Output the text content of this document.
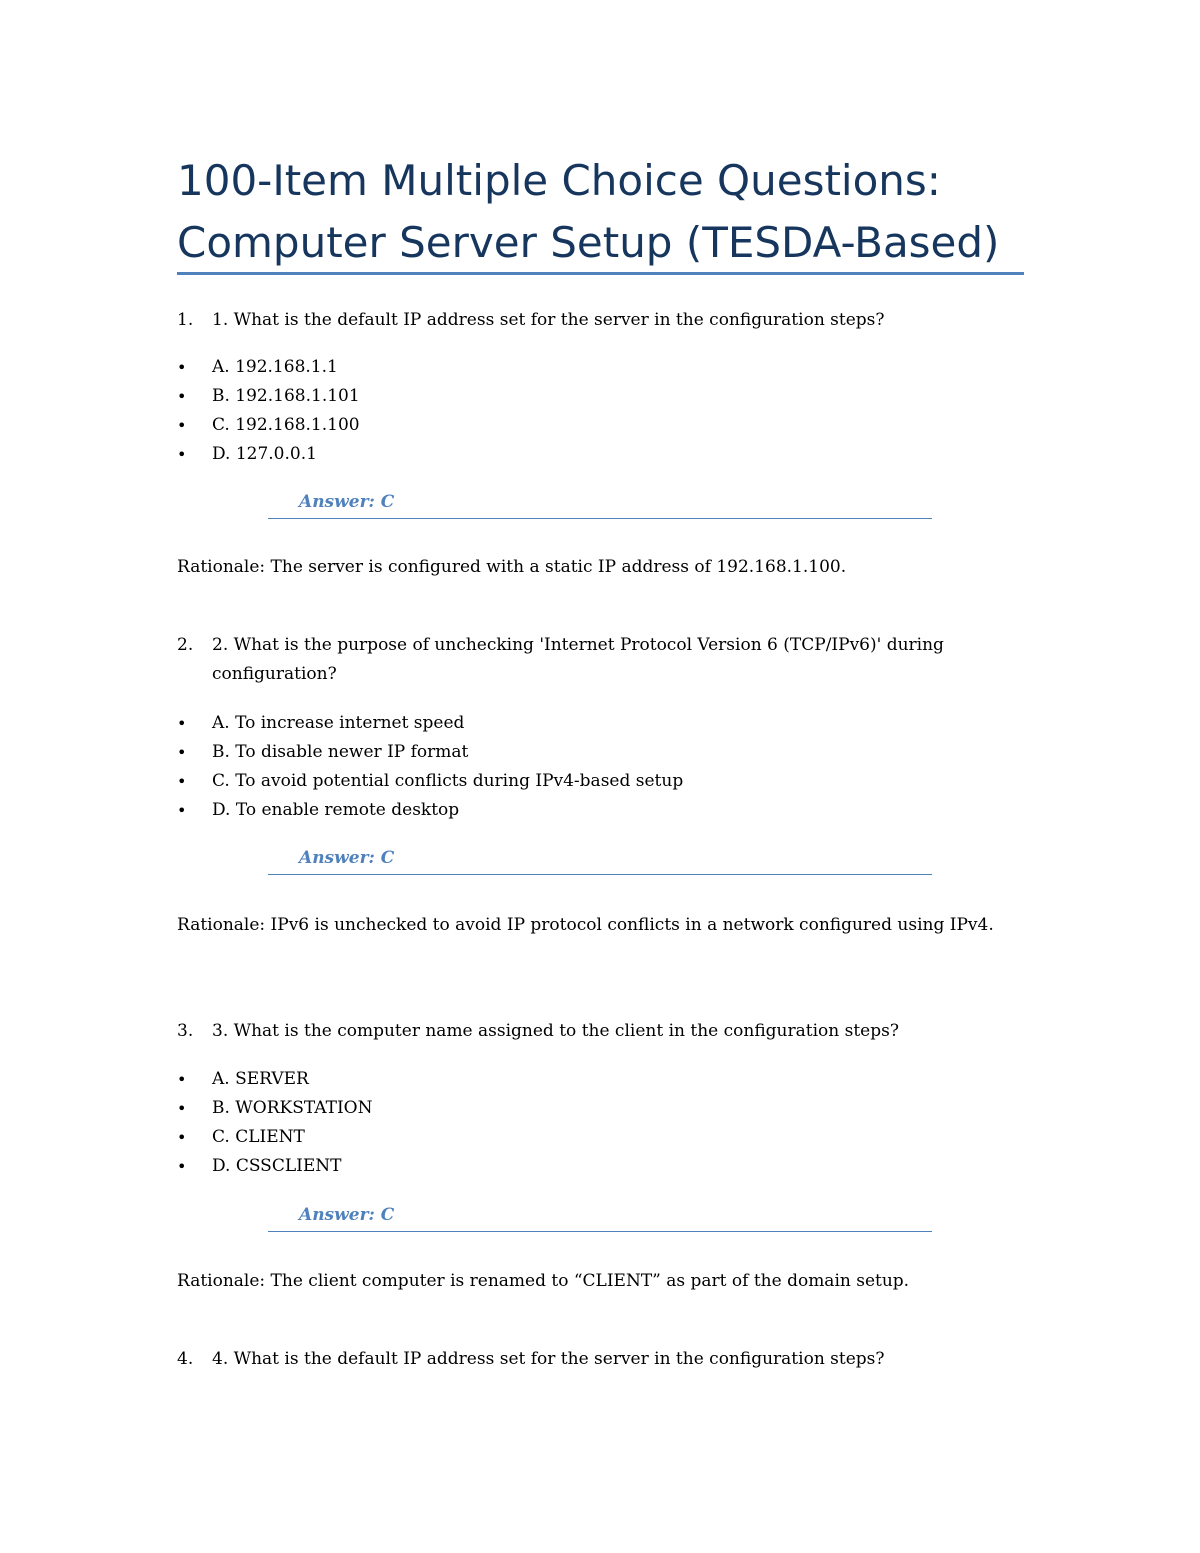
100-Item Multiple Choice Questions: Computer Server Setup (TESDA-Based)
1. 1. What is the default IP address set for the server in the configuration steps?
• A. 192.168.1.1
• B. 192.168.1.101
• C. 192.168.1.100
• D. 127.0.0.1
Answer: C

Rationale: The server is configured with a static IP address of 192.168.1.100.

2. 2. What is the purpose of unchecking 'Internet Protocol Version 6 (TCP/IPv6)' during configuration?
• A. To increase internet speed
• B. To disable newer IP format
• C. To avoid potential conflicts during IPv4-based setup
• D. To enable remote desktop
Answer: C

Rationale: IPv6 is unchecked to avoid IP protocol conflicts in a network configured using IPv4.

3. 3. What is the computer name assigned to the client in the configuration steps?
• A. SERVER
• B. WORKSTATION
• C. CLIENT
• D. CSSCLIENT
Answer: C

Rationale: The client computer is renamed to “CLIENT” as part of the domain setup.

4. 4. What is the default IP address set for the server in the configuration steps?
